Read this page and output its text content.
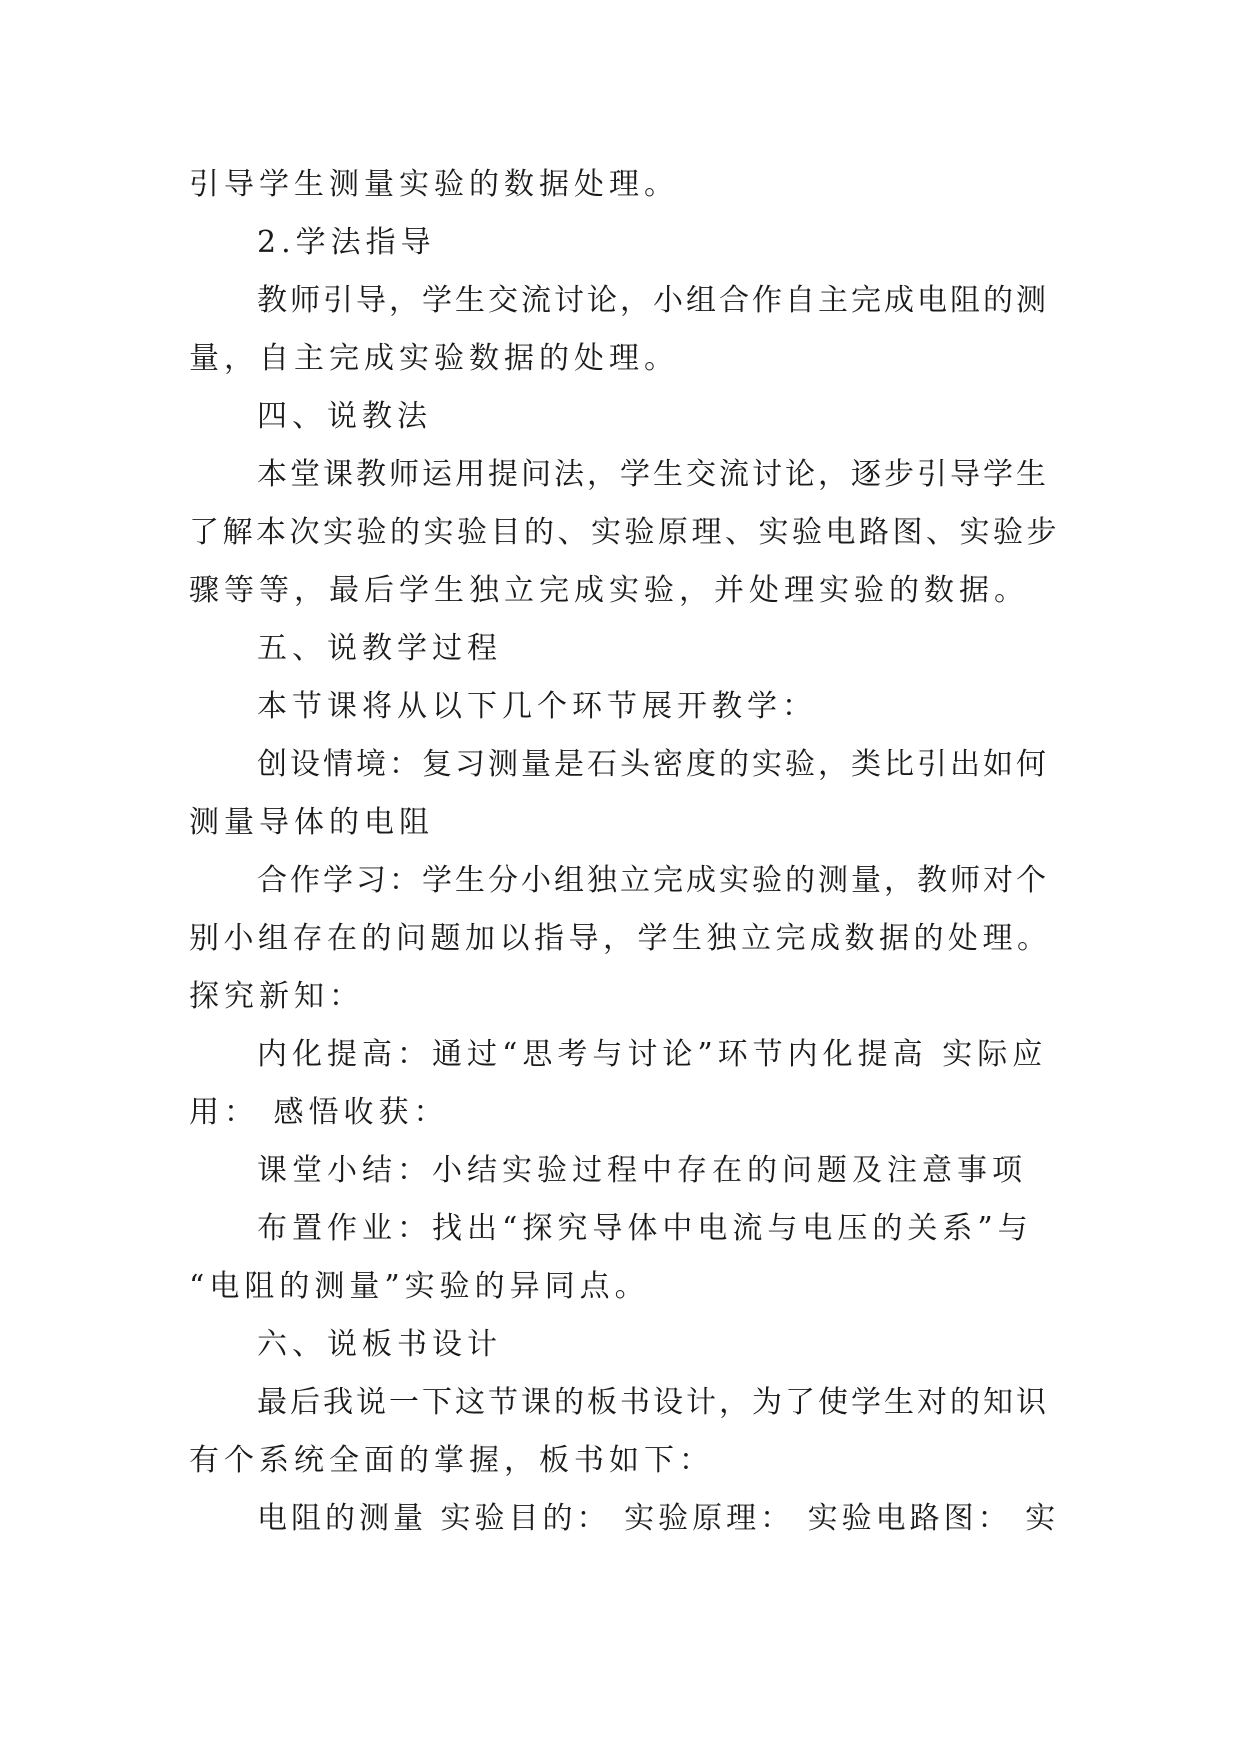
引导学生测量实验的数据处理。
2.学法指导
教师引导，学生交流讨论，小组合作自主完成电阻的测
量，自主完成实验数据的处理。
四、说教法
本堂课教师运用提问法，学生交流讨论，逐步引导学生
了解本次实验的实验目的、实验原理、实验电路图、实验步
骤等等，最后学生独立完成实验，并处理实验的数据。
五、说教学过程
本节课将从以下几个环节展开教学：
创设情境：复习测量是石头密度的实验，类比引出如何
测量导体的电阻
合作学习：学生分小组独立完成实验的测量，教师对个
别小组存在的问题加以指导，学生独立完成数据的处理。
探究新知：
内化提高：通过“思考与讨论”环节内化提高 实际应
用： 感悟收获：
课堂小结：小结实验过程中存在的问题及注意事项
布置作业：找出“探究导体中电流与电压的关系”与
“电阻的测量”实验的异同点。
六、说板书设计
最后我说一下这节课的板书设计，为了使学生对的知识
有个系统全面的掌握，板书如下：
电阻的测量 实验目的： 实验原理： 实验电路图： 实
